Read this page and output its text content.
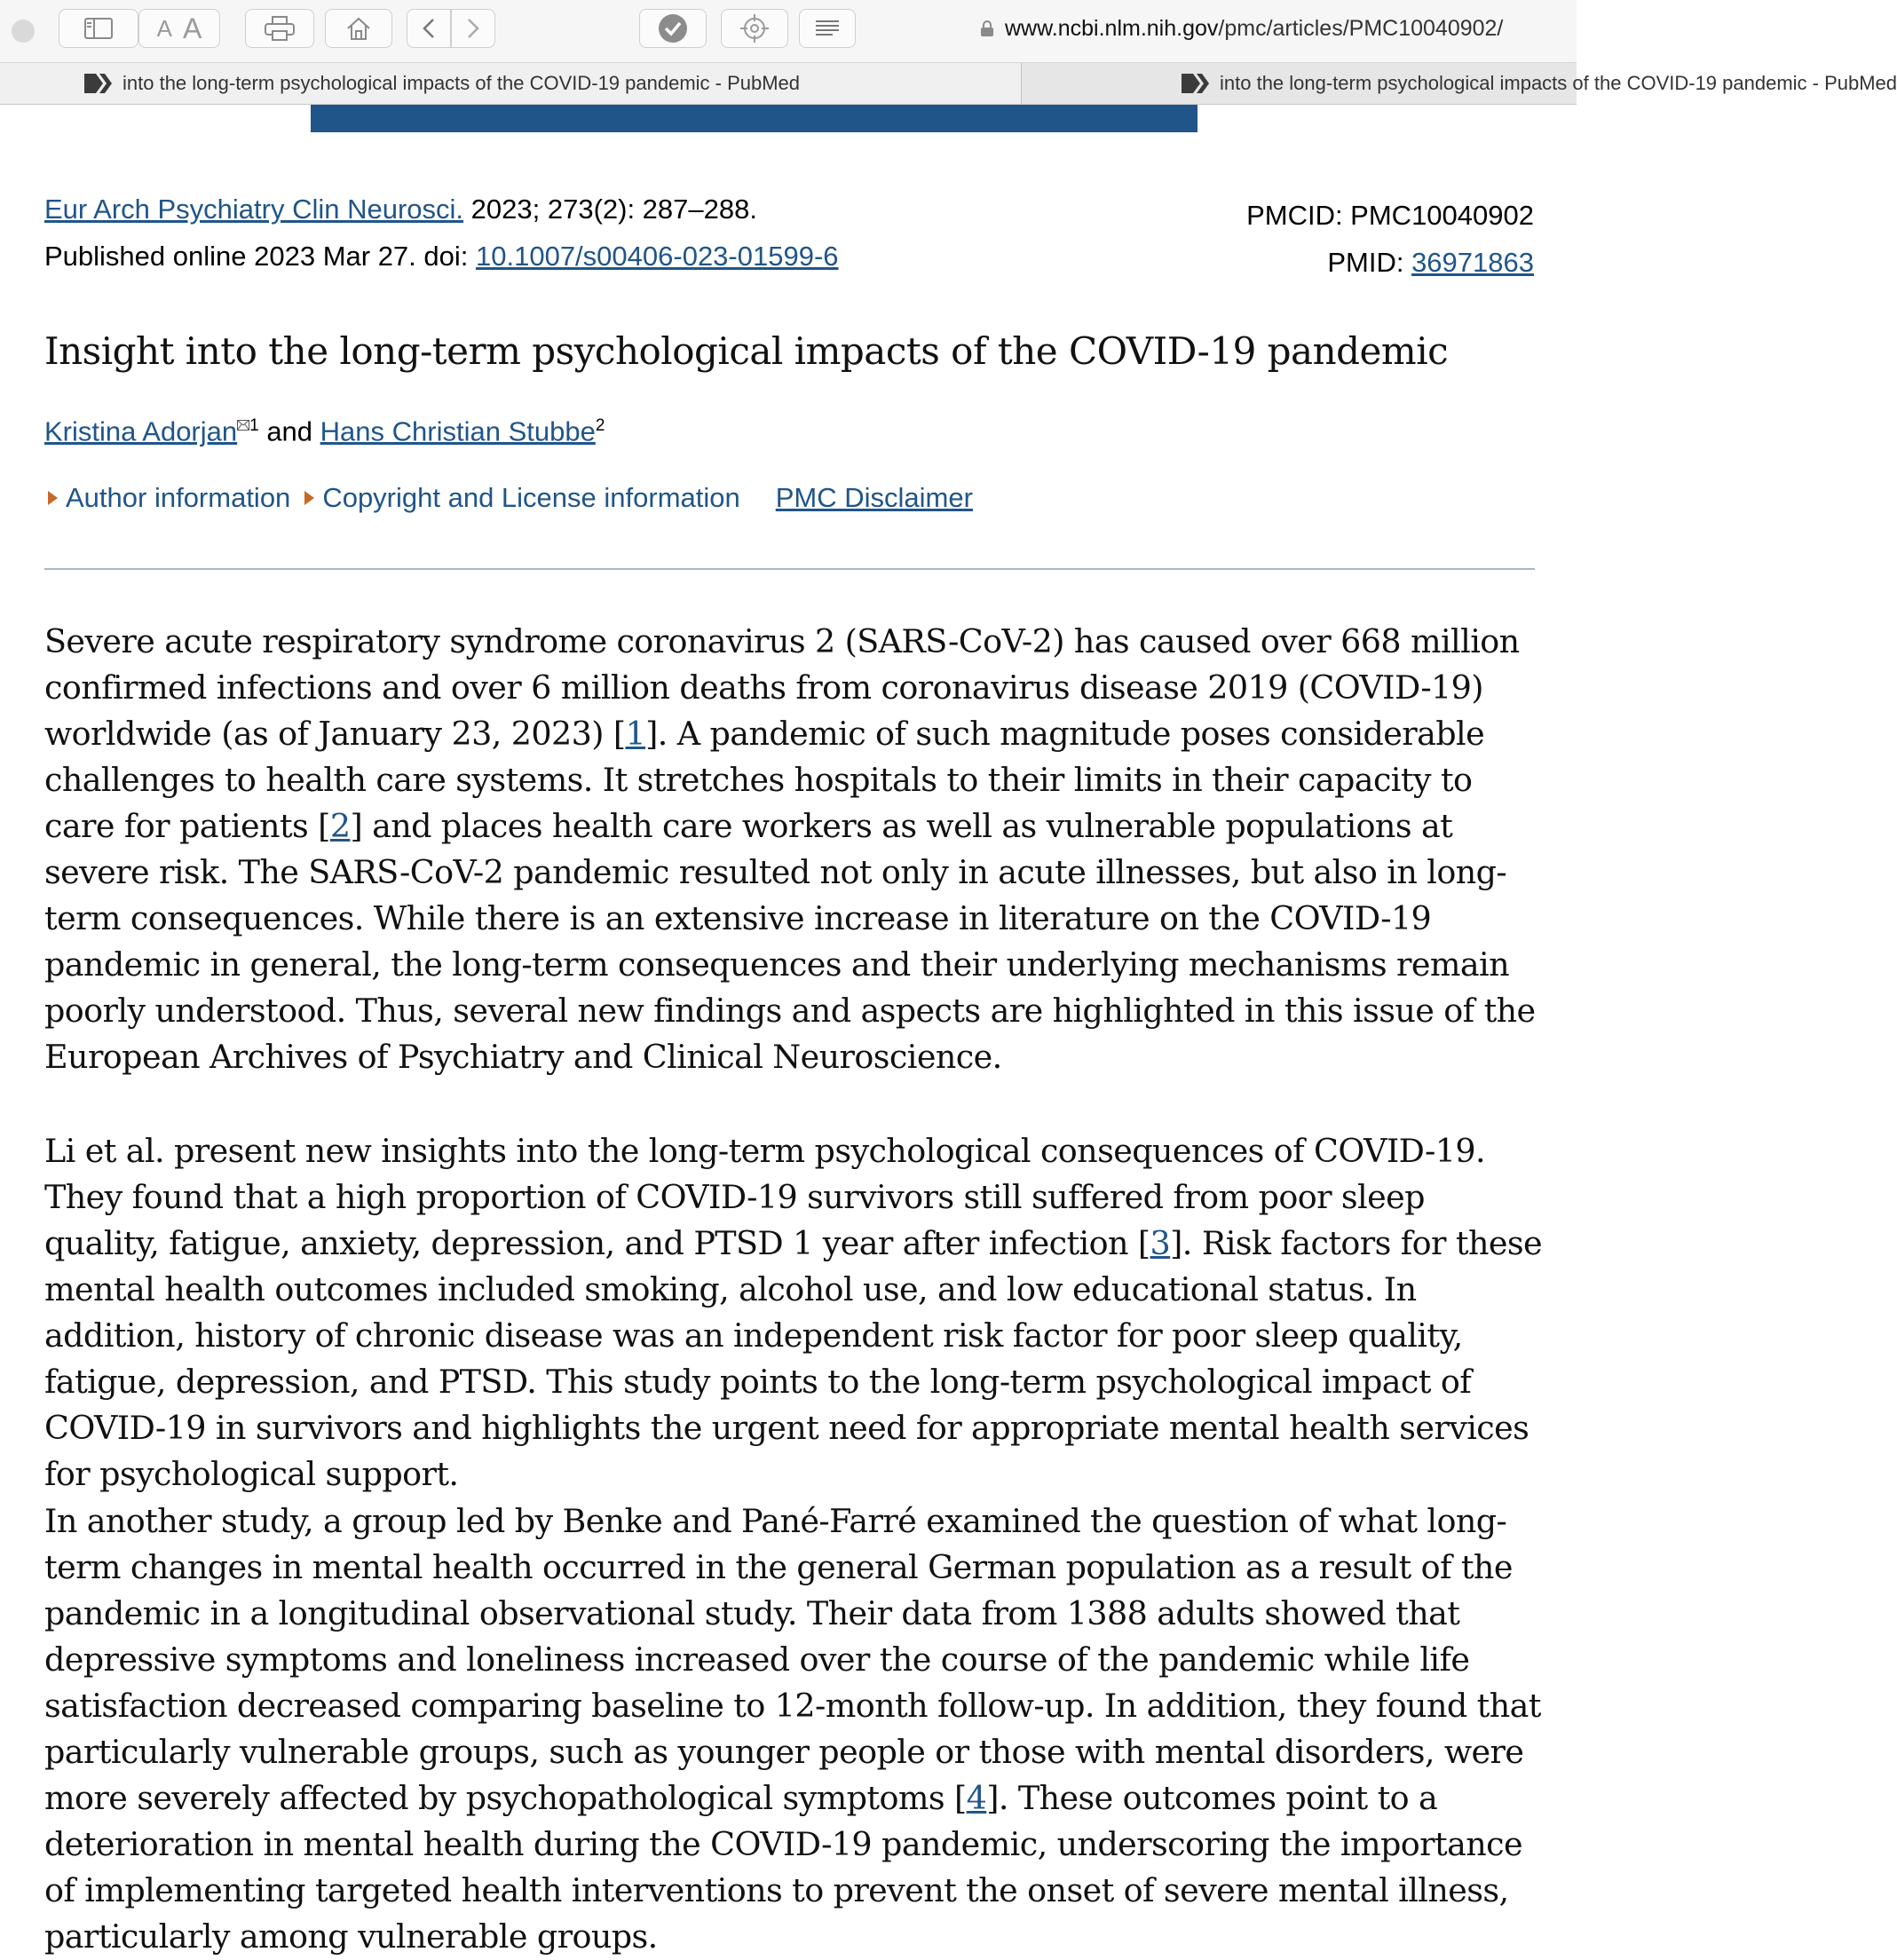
A A	www.ncbi.nlm.nih.gov/pmc/articles/PMC10040902/
into the long-term psychological impacts of the COVID-19 pandemic - PubMed	into the long-term psychological impacts of the COVID-19 pandemic - PubMed
Eur Arch Psychiatry Clin Neurosci. 2023; 273(2): 287–288.
Published online 2023 Mar 27. doi: 10.1007/s00406-023-01599-6
PMCID: PMC10040902
PMID: 36971863
Insight into the long-term psychological impacts of the COVID-19 pandemic
Kristina Adorjan $^1$ and Hans Christian Stubbe$^2$
Author information Copyright and License information PMC Disclaimer
Severe acute respiratory syndrome coronavirus 2 (SARS-CoV-2) has caused over 668 million confirmed infections and over 6 million deaths from coronavirus disease 2019 (COVID-19) worldwide (as of January 23, 2023) [1]. A pandemic of such magnitude poses considerable challenges to health care systems. It stretches hospitals to their limits in their capacity to care for patients [2] and places health care workers as well as vulnerable populations at severe risk. The SARS-CoV-2 pandemic resulted not only in acute illnesses, but also in long-term consequences. While there is an extensive increase in literature on the COVID-19 pandemic in general, the long-term consequences and their underlying mechanisms remain poorly understood. Thus, several new findings and aspects are highlighted in this issue of the European Archives of Psychiatry and Clinical Neuroscience.
Li et al. present new insights into the long-term psychological consequences of COVID-19. They found that a high proportion of COVID-19 survivors still suffered from poor sleep quality, fatigue, anxiety, depression, and PTSD 1 year after infection [3]. Risk factors for these mental health outcomes included smoking, alcohol use, and low educational status. In addition, history of chronic disease was an independent risk factor for poor sleep quality, fatigue, depression, and PTSD. This study points to the long-term psychological impact of COVID-19 in survivors and highlights the urgent need for appropriate mental health services for psychological support.
In another study, a group led by Benke and Pané-Farré examined the question of what long-term changes in mental health occurred in the general German population as a result of the pandemic in a longitudinal observational study. Their data from 1388 adults showed that depressive symptoms and loneliness increased over the course of the pandemic while life satisfaction decreased comparing baseline to 12-month follow-up. In addition, they found that particularly vulnerable groups, such as younger people or those with mental disorders, were more severely affected by psychopathological symptoms [4]. These outcomes point to a deterioration in mental health during the COVID-19 pandemic, underscoring the importance of implementing targeted health interventions to prevent the onset of severe mental illness, particularly among vulnerable groups.
